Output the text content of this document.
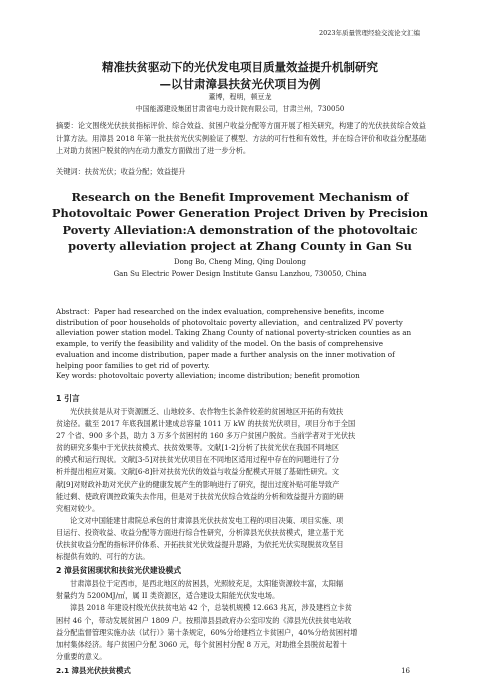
2023年质量管理经验交流论文汇编
精准扶贫驱动下的光伏发电项目质量效益提升机制研究
—以甘肃漳县扶贫光伏项目为例
董博，程明，顿豆龙
中国能源建设集团甘肃省电力设计院有限公司，甘肃兰州，730050
摘要：论文围绕光伏扶贫指标评价、综合效益、贫困户收益分配等方面开展了相关研究，构建了的光伏扶贫综合效益计算方法。用漳县 2018 年第一批扶贫光伏实例验证了模型、方法的可行性和有效性，并在综合评价和收益分配基础上对助力贫困户脱贫的内在动力激发方面做出了进一步分析。
关键词：扶贫光伏；收益分配；效益提升
Research on the Benefit Improvement Mechanism of
Photovoltaic Power Generation Project Driven by Precision
Poverty Alleviation:A demonstration of the photovoltaic
poverty alleviation project at Zhang County in Gan Su
Dong Bo, Cheng Ming, Qing Doulong
Gan Su Electric Power Design Institute Gansu Lanzhou, 730050, China
Abstract：Paper had researched on the index evaluation, comprehensive benefits, income
distribution of poor households of photovoltaic poverty alleviation，and centralized PV poverty
alleviation power station model. Taking Zhang County of national poverty-stricken counties as an
example, to verify the feasibility and validity of the model. On the basis of comprehensive
evaluation and income distribution, paper made a further analysis on the inner motivation of
helping poor families to get rid of poverty.
Key words: photovoltaic poverty alleviation; income distribution; benefit promotion
1 引言
光伏扶贫是从对于资源匮乏、山地较多、农作物生长条件较差的贫困地区开拓的有效扶
贫途径。截至 2017 年底我国累计建成总容量 1011 万 kW 的扶贫光伏项目，项目分布于全国
27 个省、900 多个县，助力 3 万多个贫困村的 160 多万户贫困户脱贫。当前学者对于光伏扶
贫的研究多集中于光伏扶贫模式、扶贫效果等。文献[1-2]分析了扶贫光伏在我国不同地区
的模式和运行现状。文献[3-5]对扶贫光伏项目在不同地区适用过程中存在的问题进行了分
析并提出相应对策。文献[6-8]针对扶贫光伏的效益与收益分配模式开展了基础性研究。文
献[9]对财政补助对光伏产业的健康发展产生的影响进行了研究，提出过度补贴可能导致产
能过剩、使政府调控政策失去作用，但是对于扶贫光伏综合效益的分析和效益提升方面的研
究相对较少。
论文对中国能建甘肃院总承包的甘肃漳县光伏扶贫发电工程的项目决策、项目实施、项
目运行、投资收益、收益分配等方面进行综合性研究，分析漳县光伏扶贫模式，建立基于光
伏扶贫收益分配的指标评价体系、开拓扶贫光伏效益提升思路，为依托光伏实现脱贫攻坚目
标提供有效的、可行的方法。
2 漳县贫困现状和扶贫光伏建设模式
甘肃漳县位于定西市，是西北地区的贫困县，光照较充足，太阳能资源较丰富，太阳辐
射量约为 5200MJ/㎡，属 II 类资源区，适合建设太阳能光伏发电场。
漳县 2018 年建设村级光伏扶贫电站 42 个，总装机规模 12.663 兆瓦，涉及建档立卡贫
困村 46 个，带动发展贫困户 1809 户。按照漳县县政府办公室印发的《漳县光伏扶贫电站收
益分配监督管理实施办法（试行）》第十条规定，60%分给建档立卡贫困户，40%分给贫困村增
加村集体经济。每户贫困户分配 3060 元，每个贫困村分配 8 万元，对助推全县脱贫起着十
分重要的意义。
2.1 漳县光伏扶贫模式	16
